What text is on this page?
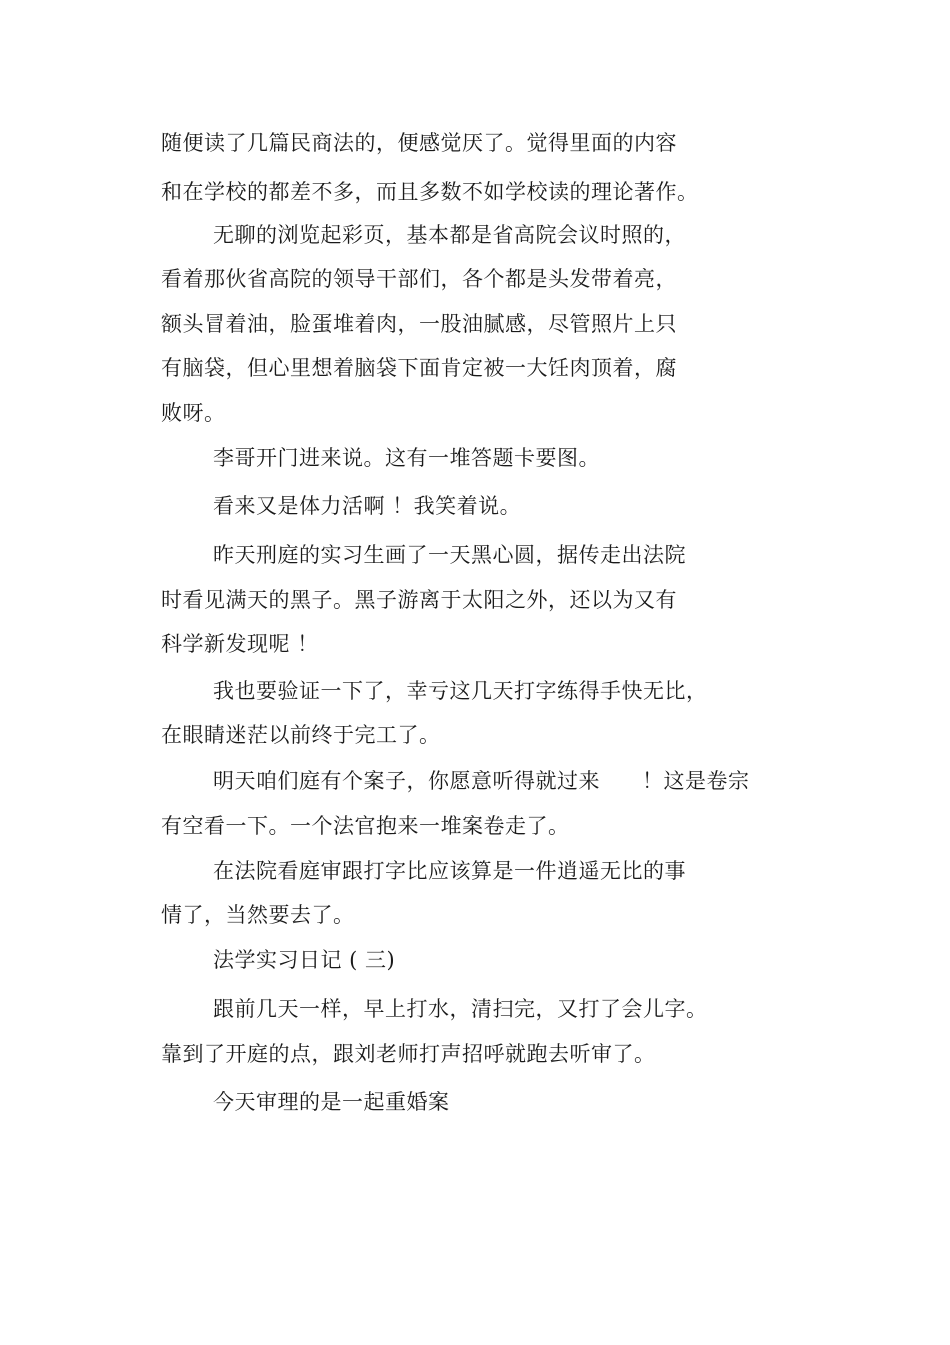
随便读了几篇民商法的，便感觉厌了。觉得里面的内容
和在学校的都差不多，而且多数不如学校读的理论著作。
无聊的浏览起彩页，基本都是省高院会议时照的，
看着那伙省高院的领导干部们，各个都是头发带着亮，
额头冒着油，脸蛋堆着肉，一股油腻感，尽管照片上只
有脑袋，但心里想着脑袋下面肯定被一大饪肉顶着，腐
败呀。
李哥开门进来说。这有一堆答题卡要图。
看来又是体力活啊 ！我笑着说。
昨天刑庭的实习生画了一天黑心圆，据传走出法院
时看见满天的黑子。黑子游离于太阳之外，还以为又有
科学新发现呢 ！
我也要验证一下了，幸亏这几天打字练得手快无比，
在眼睛迷茫以前终于完工了。
明天咱们庭有个案子，你愿意听得就过来 ！这是卷宗
有空看一下。一个法官抱来一堆案卷走了。
在法院看庭审跟打字比应该算是一件逍遥无比的事
情了，当然要去了。
法学实习日记 ( 三)
跟前几天一样，早上打水，清扫完，又打了会儿字。
靠到了开庭的点，跟刘老师打声招呼就跑去听审了。
今天审理的是一起重婚案
